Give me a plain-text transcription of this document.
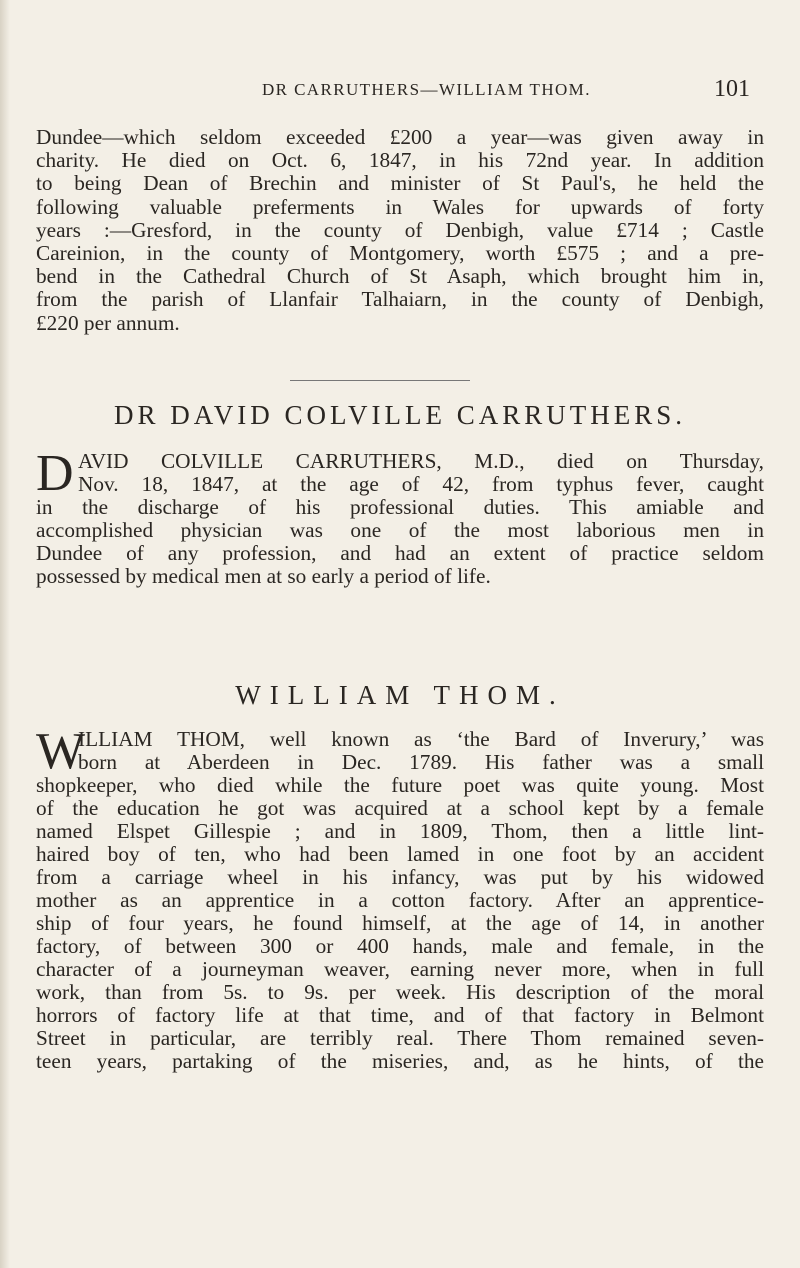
DR CARRUTHERS—WILLIAM THOM.	101
Dundee—which seldom exceeded £200 a year—was given away in
charity. He died on Oct. 6, 1847, in his 72nd year. In addition
to being Dean of Brechin and minister of St Paul's, he held the
following valuable preferments in Wales for upwards of forty
years :—Gresford, in the county of Denbigh, value £714 ; Castle
Careinion, in the county of Montgomery, worth £575 ; and a pre-
bend in the Cathedral Church of St Asaph, which brought him in,
from the parish of Llanfair Talhaiarn, in the county of Denbigh,
£220 per annum.
DR DAVID COLVILLE CARRUTHERS.
D AVID COLVILLE CARRUTHERS, M.D., died on Thursday,
Nov. 18, 1847, at the age of 42, from typhus fever, caught
in the discharge of his professional duties. This amiable and
accomplished physician was one of the most laborious men in
Dundee of any profession, and had an extent of practice seldom
possessed by medical men at so early a period of life.
WILLIAM THOM.
W
ILLIAM THOM, well known as ‘the Bard of Inverury,’ was
born at Aberdeen in Dec. 1789. His father was a small
shopkeeper, who died while the future poet was quite young. Most
of the education he got was acquired at a school kept by a female
named Elspet Gillespie ; and in 1809, Thom, then a little lint-
haired boy of ten, who had been lamed in one foot by an accident
from a carriage wheel in his infancy, was put by his widowed
mother as an apprentice in a cotton factory. After an apprentice-
ship of four years, he found himself, at the age of 14, in another
factory, of between 300 or 400 hands, male and female, in the
character of a journeyman weaver, earning never more, when in full
work, than from 5s. to 9s. per week. His description of the moral
horrors of factory life at that time, and of that factory in Belmont
Street in particular, are terribly real. There Thom remained seven-
teen years, partaking of the miseries, and, as he hints, of the
